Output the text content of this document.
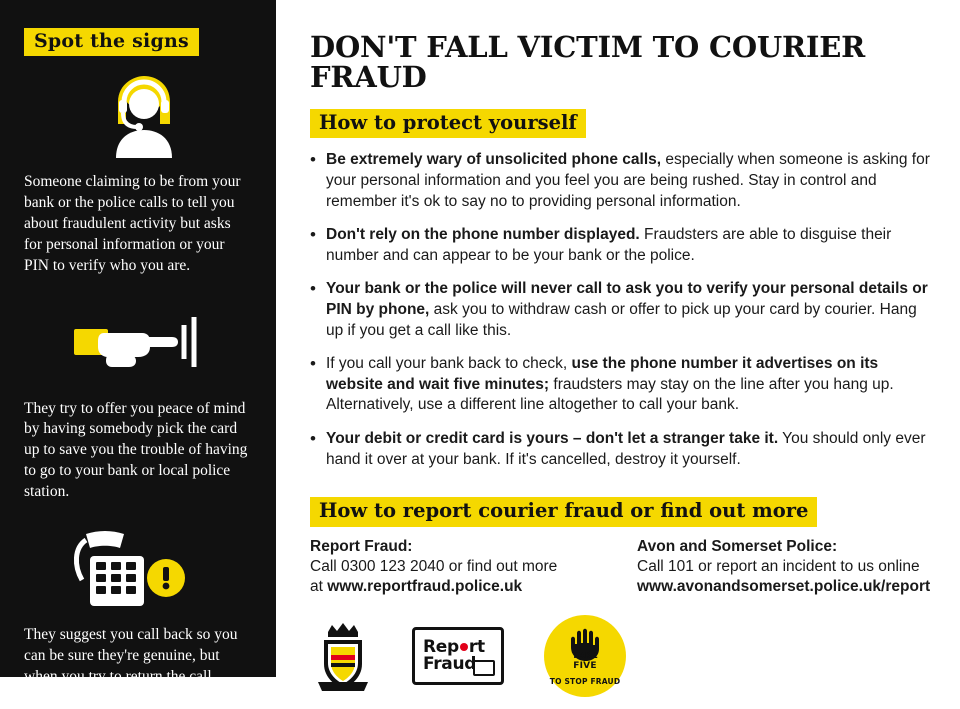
Spot the signs

Someone claiming to be from your bank or the police calls to tell you about fraudulent activity but asks for personal information or your PIN to verify who you are.

They try to offer you peace of mind by having somebody pick the card up to save you the trouble of having to go to your bank or local police station.

They suggest you call back so you can be sure they're genuine, but when you try to return the call there's no dial tone.

DON'T FALL VICTIM TO COURIER FRAUD
How to protect yourself
• Be extremely wary of unsolicited phone calls, especially when someone is asking for your personal information and you feel you are being rushed. Stay in control and remember it's ok to say no to providing personal information.
• Don't rely on the phone number displayed. Fraudsters are able to disguise their number and can appear to be your bank or the police.
• Your bank or the police will never call to ask you to verify your personal details or PIN by phone, ask you to withdraw cash or offer to pick up your card by courier. Hang up if you get a call like this.
• If you call your bank back to check, use the phone number it advertises on its website and wait five minutes; fraudsters may stay on the line after you hang up. Alternatively, use a different line altogether to call your bank.
• Your debit or credit card is yours – don't let a stranger take it. You should only ever hand it over at your bank. If it's cancelled, destroy it yourself.
How to report courier fraud or find out more
Report Fraud:
Call 0300 123 2040 or find out more
at www.reportfraud.police.uk
Avon and Somerset Police:
Call 101 or report an incident to us online
www.avonandsomerset.police.uk/report
Rep rt
Fraud	TAKE
FIVE
TO STOP FRAUD
